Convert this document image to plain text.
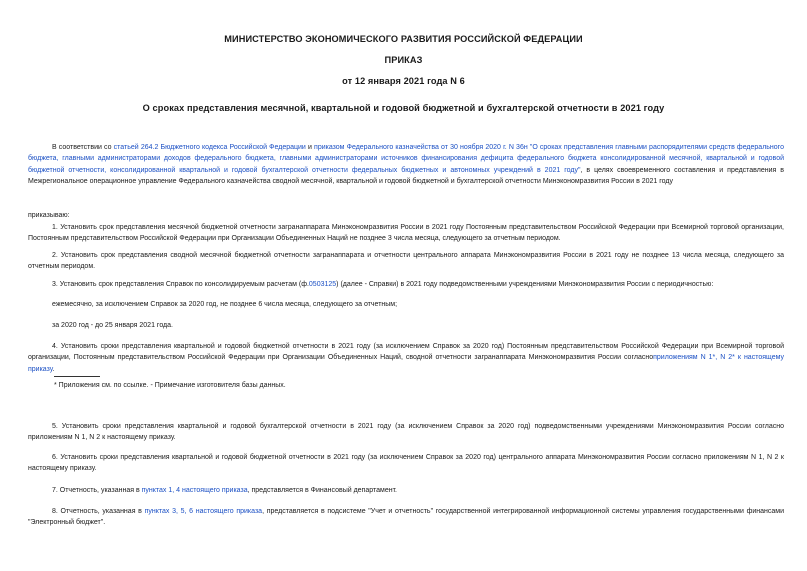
МИНИСТЕРСТВО ЭКОНОМИЧЕСКОГО РАЗВИТИЯ РОССИЙСКОЙ ФЕДЕРАЦИИ
ПРИКАЗ
от 12 января 2021 года N 6
О сроках представления месячной, квартальной и годовой бюджетной и бухгалтерской отчетности в 2021 году
В соответствии со статьей 264.2 Бюджетного кодекса Российской Федерации и приказом Федерального казначейства от 30 ноября 2020 г. N 36н "О сроках представления главными распорядителями средств федерального бюджета, главными администраторами доходов федерального бюджета, главными администраторами источников финансирования дефицита федерального бюджета консолидированной месячной, квартальной и годовой бюджетной отчетности, консолидированной квартальной и годовой бухгалтерской отчетности федеральных бюджетных и автономных учреждений в 2021 году", в целях своевременного составления и представления в Межрегиональное операционное управление Федерального казначейства сводной месячной, квартальной и годовой бюджетной и бухгалтерской отчетности Минэкономразвития России в 2021 году
приказываю:
1. Установить срок представления месячной бюджетной отчетности загранаппарата Минэкономразвития России в 2021 году Постоянным представительством Российской Федерации при Всемирной торговой организации, Постоянным представительством Российской Федерации при Организации Объединенных Наций не позднее 3 числа месяца, следующего за отчетным периодом.
2. Установить срок представления сводной месячной бюджетной отчетности загранаппарата и отчетности центрального аппарата Минэкономразвития России в 2021 году не позднее 13 числа месяца, следующего за отчетным периодом.
3. Установить срок представления Справок по консолидируемым расчетам (ф.0503125) (далее - Справки) в 2021 году подведомственными учреждениями Минэкономразвития России с периодичностью:
ежемесячно, за исключением Справок за 2020 год, не позднее 6 числа месяца, следующего за отчетным;
за 2020 год - до 25 января 2021 года.
4. Установить сроки представления квартальной и годовой бюджетной отчетности в 2021 году (за исключением Справок за 2020 год) Постоянным представительством Российской Федерации при Всемирной торговой организации, Постоянным представительством Российской Федерации при Организации Объединенных Наций, сводной отчетности загранаппарата Минэкономразвития России согласноприложениям N 1*, N 2* к настоящему приказу.
* Приложения см. по ссылке. - Примечание изготовителя базы данных.
5. Установить сроки представления квартальной и годовой бухгалтерской отчетности в 2021 году (за исключением Справок за 2020 год) подведомственными учреждениями Минэкономразвития России согласно приложениям N 1, N 2 к настоящему приказу.
6. Установить сроки представления квартальной и годовой бюджетной отчетности в 2021 году (за исключением Справок за 2020 год) центрального аппарата Минэкономразвития России согласно приложениям N 1, N 2 к настоящему приказу.
7. Отчетность, указанная в пунктах 1, 4 настоящего приказа, представляется в Финансовый департамент.
8. Отчетность, указанная в пунктах 3, 5, 6 настоящего приказа, представляется в подсистеме "Учет и отчетность" государственной интегрированной информационной системы управления государственными финансами "Электронный бюджет".
